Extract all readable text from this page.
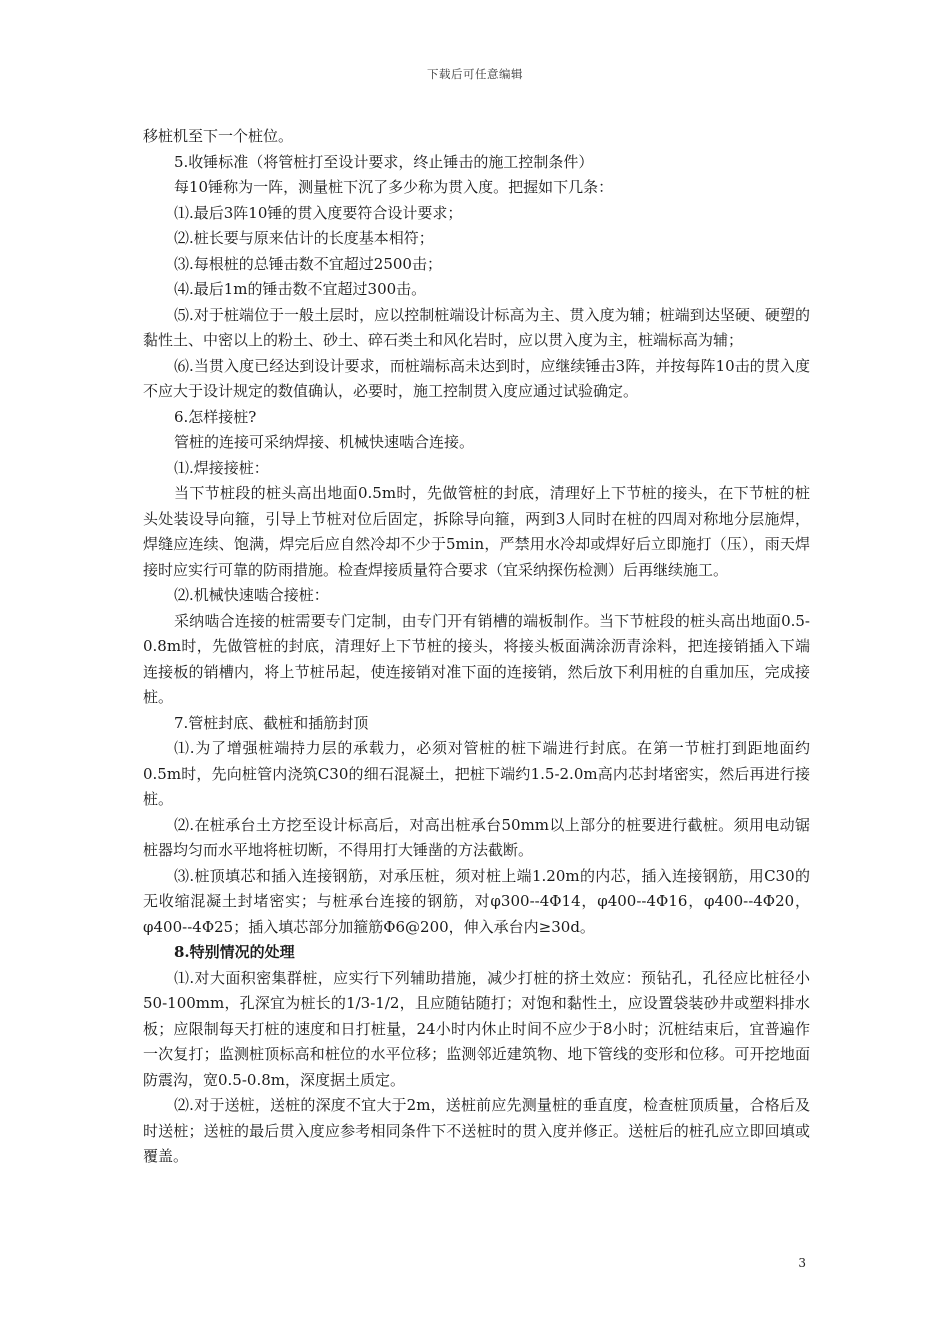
下载后可任意编辑

移桩机至下一个桩位。

5.收锤标准（将管桩打至设计要求，终止锤击的施工控制条件）

每10锤称为一阵，测量桩下沉了多少称为贯入度。把握如下几条：

⑴.最后3阵10锤的贯入度要符合设计要求；

⑵.桩长要与原来估计的长度基本相符；

⑶.每根桩的总锤击数不宜超过2500击；

⑷.最后1m的锤击数不宜超过300击。

⑸.对于桩端位于一般土层时，应以控制桩端设计标高为主、贯入度为辅；桩端到达坚硬、硬塑的黏性土、中密以上的粉土、砂土、碎石类土和风化岩时，应以贯入度为主，桩端标高为辅；

⑹.当贯入度已经达到设计要求，而桩端标高未达到时，应继续锤击3阵，并按每阵10击的贯入度不应大于设计规定的数值确认，必要时，施工控制贯入度应通过试验确定。

6.怎样接桩?

管桩的连接可采纳焊接、机械快速啮合连接。

⑴.焊接接桩：

当下节桩段的桩头高出地面0.5m时，先做管桩的封底，清理好上下节桩的接头，在下节桩的桩头处装设导向箍，引导上节桩对位后固定，拆除导向箍，两到3人同时在桩的四周对称地分层施焊，焊缝应连续、饱满，焊完后应自然冷却不少于5min，严禁用水冷却或焊好后立即施打（压），雨天焊接时应实行可靠的防雨措施。检查焊接质量符合要求（宜采纳探伤检测）后再继续施工。

⑵.机械快速啮合接桩：

采纳啮合连接的桩需要专门定制，由专门开有销槽的端板制作。当下节桩段的桩头高出地面0.5-0.8m时，先做管桩的封底，清理好上下节桩的接头，将接头板面满涂沥青涂料，把连接销插入下端连接板的销槽内，将上节桩吊起，使连接销对准下面的连接销，然后放下利用桩的自重加压，完成接桩。

7.管桩封底、截桩和插筋封顶

⑴.为了增强桩端持力层的承载力，必须对管桩的桩下端进行封底。在第一节桩打到距地面约0.5m时，先向桩管内浇筑C30的细石混凝土，把桩下端约1.5-2.0m高内芯封堵密实，然后再进行接桩。

⑵.在桩承台土方挖至设计标高后，对高出桩承台50mm以上部分的桩要进行截桩。须用电动锯桩器均匀而水平地将桩切断，不得用打大锤凿的方法截断。

⑶.桩顶填芯和插入连接钢筋，对承压桩，须对桩上端1.20m的内芯，插入连接钢筋，用C30的无收缩混凝土封堵密实；与桩承台连接的钢筋，对φ300--4Φ14，φ400--4Φ16，φ400--4Φ20，φ400--4Φ25；插入填芯部分加箍筋Φ6@200，伸入承台内≥30d。

8.特别情况的处理

⑴.对大面积密集群桩，应实行下列辅助措施，减少打桩的挤土效应：预钻孔，孔径应比桩径小50-100mm，孔深宜为桩长的1/3-1/2，且应随钻随打；对饱和黏性土，应设置袋装砂井或塑料排水板；应限制每天打桩的速度和日打桩量，24小时内休止时间不应少于8小时；沉桩结束后，宜普遍作一次复打；监测桩顶标高和桩位的水平位移；监测邻近建筑物、地下管线的变形和位移。可开挖地面防震沟，宽0.5-0.8m，深度据土质定。

⑵.对于送桩，送桩的深度不宜大于2m，送桩前应先测量桩的垂直度，检查桩顶质量，合格后及时送桩；送桩的最后贯入度应参考相同条件下不送桩时的贯入度并修正。送桩后的桩孔应立即回填或覆盖。

3
